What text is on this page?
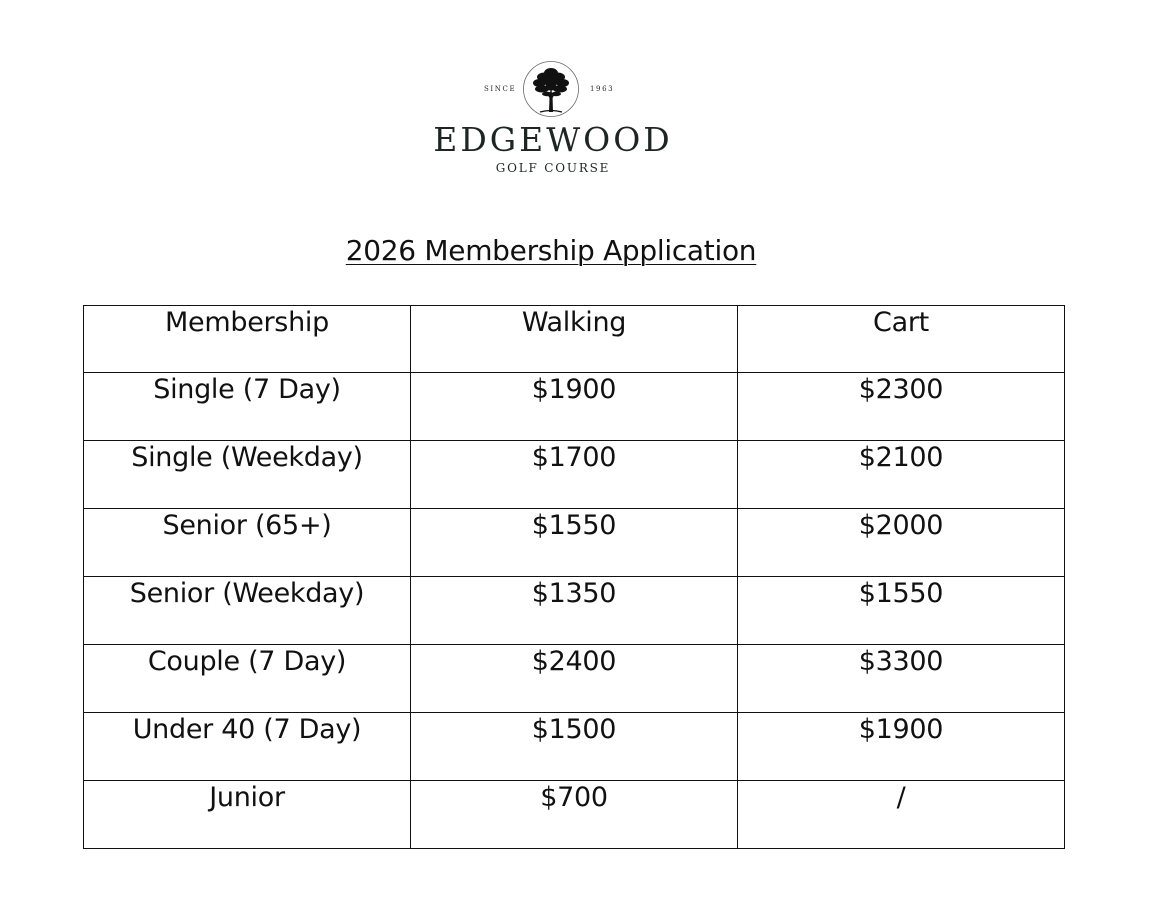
SINCE	1963
EDGEWOOD
GOLF COURSE
2026 Membership Application
Membership	Walking	Cart
Single (7 Day)	$1900	$2300
Single (Weekday)	$1700	$2100
Senior (65+)	$1550	$2000
Senior (Weekday)	$1350	$1550
Couple (7 Day)	$2400	$3300
Under 40 (7 Day)	$1500	$1900
Junior	$700	/
